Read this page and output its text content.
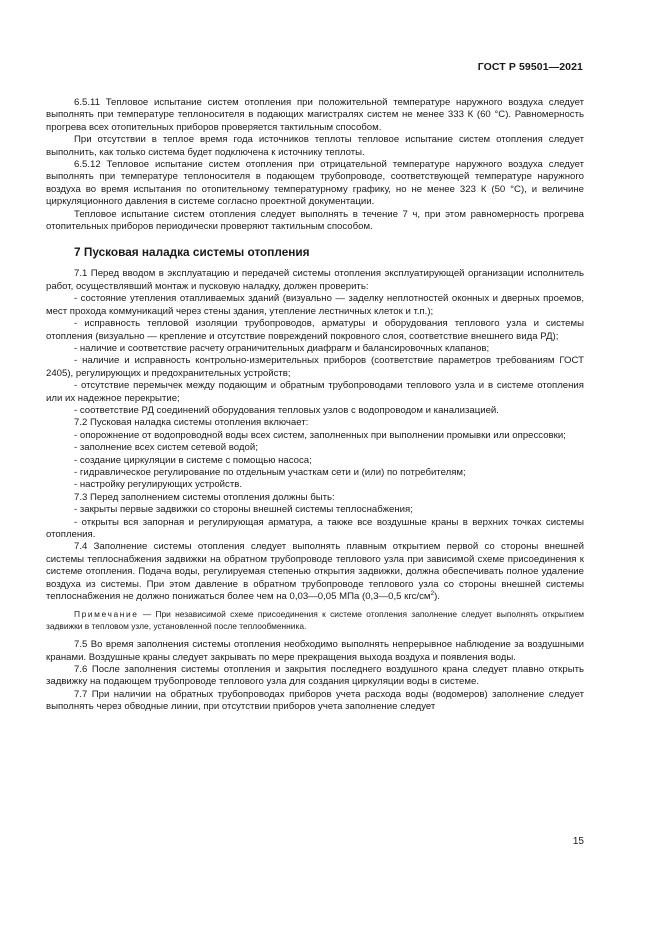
ГОСТ Р 59501—2021

6.5.11 Тепловое испытание систем отопления при положительной температуре наружного воздуха следует выполнять при температуре теплоносителя в подающих магистралях систем не менее 333 К (60 °С). Равномерность прогрева всех отопительных приборов проверяется тактильным способом.

При отсутствии в теплое время года источников теплоты тепловое испытание систем отопления следует выполнить, как только система будет подключена к источнику теплоты.

6.5.12 Тепловое испытание систем отопления при отрицательной температуре наружного воздуха следует выполнять при температуре теплоносителя в подающем трубопроводе, соответствующей температуре наружного воздуха во время испытания по отопительному температурному графику, но не менее 323 К (50 °С), и величине циркуляционного давления в системе согласно проектной документации.

Тепловое испытание систем отопления следует выполнять в течение 7 ч, при этом равномерность прогрева отопительных приборов периодически проверяют тактильным способом.

7 Пусковая наладка системы отопления

7.1 Перед вводом в эксплуатацию и передачей системы отопления эксплуатирующей организации исполнитель работ, осуществлявший монтаж и пусковую наладку, должен проверить:

- состояние утепления отапливаемых зданий (визуально — заделку неплотностей оконных и дверных проемов, мест прохода коммуникаций через стены здания, утепление лестничных клеток и т.п.);

- исправность тепловой изоляции трубопроводов, арматуры и оборудования теплового узла и системы отопления (визуально — крепление и отсутствие повреждений покровного слоя, соответствие внешнего вида РД);

- наличие и соответствие расчету ограничительных диафрагм и балансировочных клапанов;

- наличие и исправность контрольно-измерительных приборов (соответствие параметров требованиям ГОСТ 2405), регулирующих и предохранительных устройств;

- отсутствие перемычек между подающим и обратным трубопроводами теплового узла и в системе отопления или их надежное перекрытие;

- соответствие РД соединений оборудования тепловых узлов с водопроводом и канализацией.

7.2 Пусковая наладка системы отопления включает:

- опорожнение от водопроводной воды всех систем, заполненных при выполнении промывки или опрессовки;

- заполнение всех систем сетевой водой;

- создание циркуляции в системе с помощью насоса;

- гидравлическое регулирование по отдельным участкам сети и (или) по потребителям;

- настройку регулирующих устройств.

7.3 Перед заполнением системы отопления должны быть:

- закрыты первые задвижки со стороны внешней системы теплоснабжения;

- открыты вся запорная и регулирующая арматура, а также все воздушные краны в верхних точках системы отопления.

7.4 Заполнение системы отопления следует выполнять плавным открытием первой со стороны внешней системы теплоснабжения задвижки на обратном трубопроводе теплового узла при зависимой схеме присоединения к системе отопления. Подача воды, регулируемая степенью открытия задвижки, должна обеспечивать полное удаление воздуха из системы. При этом давление в обратном трубопроводе теплового узла со стороны внешней системы теплоснабжения не должно понижаться более чем на 0,03—0,05 МПа (0,3—0,5 кгс/$см^2$).

Примечание — При независимой схеме присоединения к системе отопления заполнение следует выполнять открытием задвижки в тепловом узле, установленной после теплообменника.

7.5 Во время заполнения системы отопления необходимо выполнять непрерывное наблюдение за воздушными кранами. Воздушные краны следует закрывать по мере прекращения выхода воздуха и появления воды.

7.6 После заполнения системы отопления и закрытия последнего воздушного крана следует плавно открыть задвижку на подающем трубопроводе теплового узла для создания циркуляции воды в системе.

7.7 При наличии на обратных трубопроводах приборов учета расхода воды (водомеров) заполнение следует выполнять через обводные линии, при отсутствии приборов учета заполнение следует

15
